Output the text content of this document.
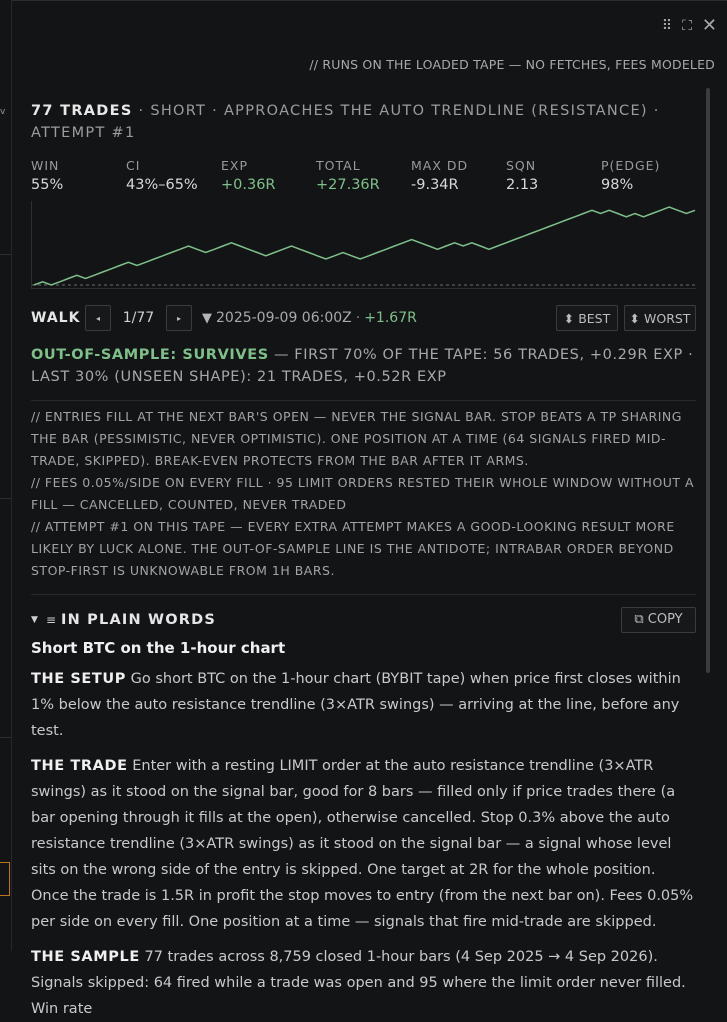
v
⠿ ⛶ ✕
// RUNS ON THE LOADED TAPE — NO FETCHES, FEES MODELED
77 TRADES · SHORT · APPROACHES THE AUTO TRENDLINE (RESISTANCE) · ATTEMPT #1
WIN
55%
CI
43%–65%
EXP
+0.36R
TOTAL
+27.36R
MAX DD
-9.34R
SQN
2.13
P(EDGE)
98%
WALK	◂	1/77	▸	▼ 2025-09-09 06:00Z · +1.67R	⬍ BEST	⬍ WORST
OUT-OF-SAMPLE: SURVIVES — FIRST 70% OF THE TAPE: 56 TRADES, +0.29R EXP · LAST 30% (UNSEEN SHAPE): 21 TRADES, +0.52R EXP

// ENTRIES FILL AT THE NEXT BAR'S OPEN — NEVER THE SIGNAL BAR. STOP BEATS A TP SHARING THE BAR (PESSIMISTIC, NEVER OPTIMISTIC). ONE POSITION AT A TIME (64 SIGNALS FIRED MID-TRADE, SKIPPED). BREAK-EVEN PROTECTS FROM THE BAR AFTER IT ARMS.

// FEES 0.05%/SIDE ON EVERY FILL · 95 LIMIT ORDERS RESTED THEIR WHOLE WINDOW WITHOUT A FILL — CANCELLED, COUNTED, NEVER TRADED

// ATTEMPT #1 ON THIS TAPE — EVERY EXTRA ATTEMPT MAKES A GOOD-LOOKING RESULT MORE LIKELY BY LUCK ALONE. THE OUT-OF-SAMPLE LINE IS THE ANTIDOTE; INTRABAR ORDER BEYOND STOP-FIRST IS UNKNOWABLE FROM 1H BARS.

▼ ≡ IN PLAIN WORDS	⧉ COPY
Short BTC on the 1-hour chart
THE SETUP Go short BTC on the 1-hour chart (BYBIT tape) when price first closes within 1% below the auto resistance trendline (3×ATR swings) — arriving at the line, before any test.
THE TRADE Enter with a resting LIMIT order at the auto resistance trendline (3×ATR swings) as it stood on the signal bar, good for 8 bars — filled only if price trades there (a bar opening through it fills at the open), otherwise cancelled. Stop 0.3% above the auto resistance trendline (3×ATR swings) as it stood on the signal bar — a signal whose level sits on the wrong side of the entry is skipped. One target at 2R for the whole position. Once the trade is 1.5R in profit the stop moves to entry (from the next bar on). Fees 0.05% per side on every fill. One position at a time — signals that fire mid-trade are skipped.
THE SAMPLE 77 trades across 8,759 closed 1-hour bars (4 Sep 2025 → 4 Sep 2026). Signals skipped: 64 fired while a trade was open and 95 where the limit order never filled. Win rate
